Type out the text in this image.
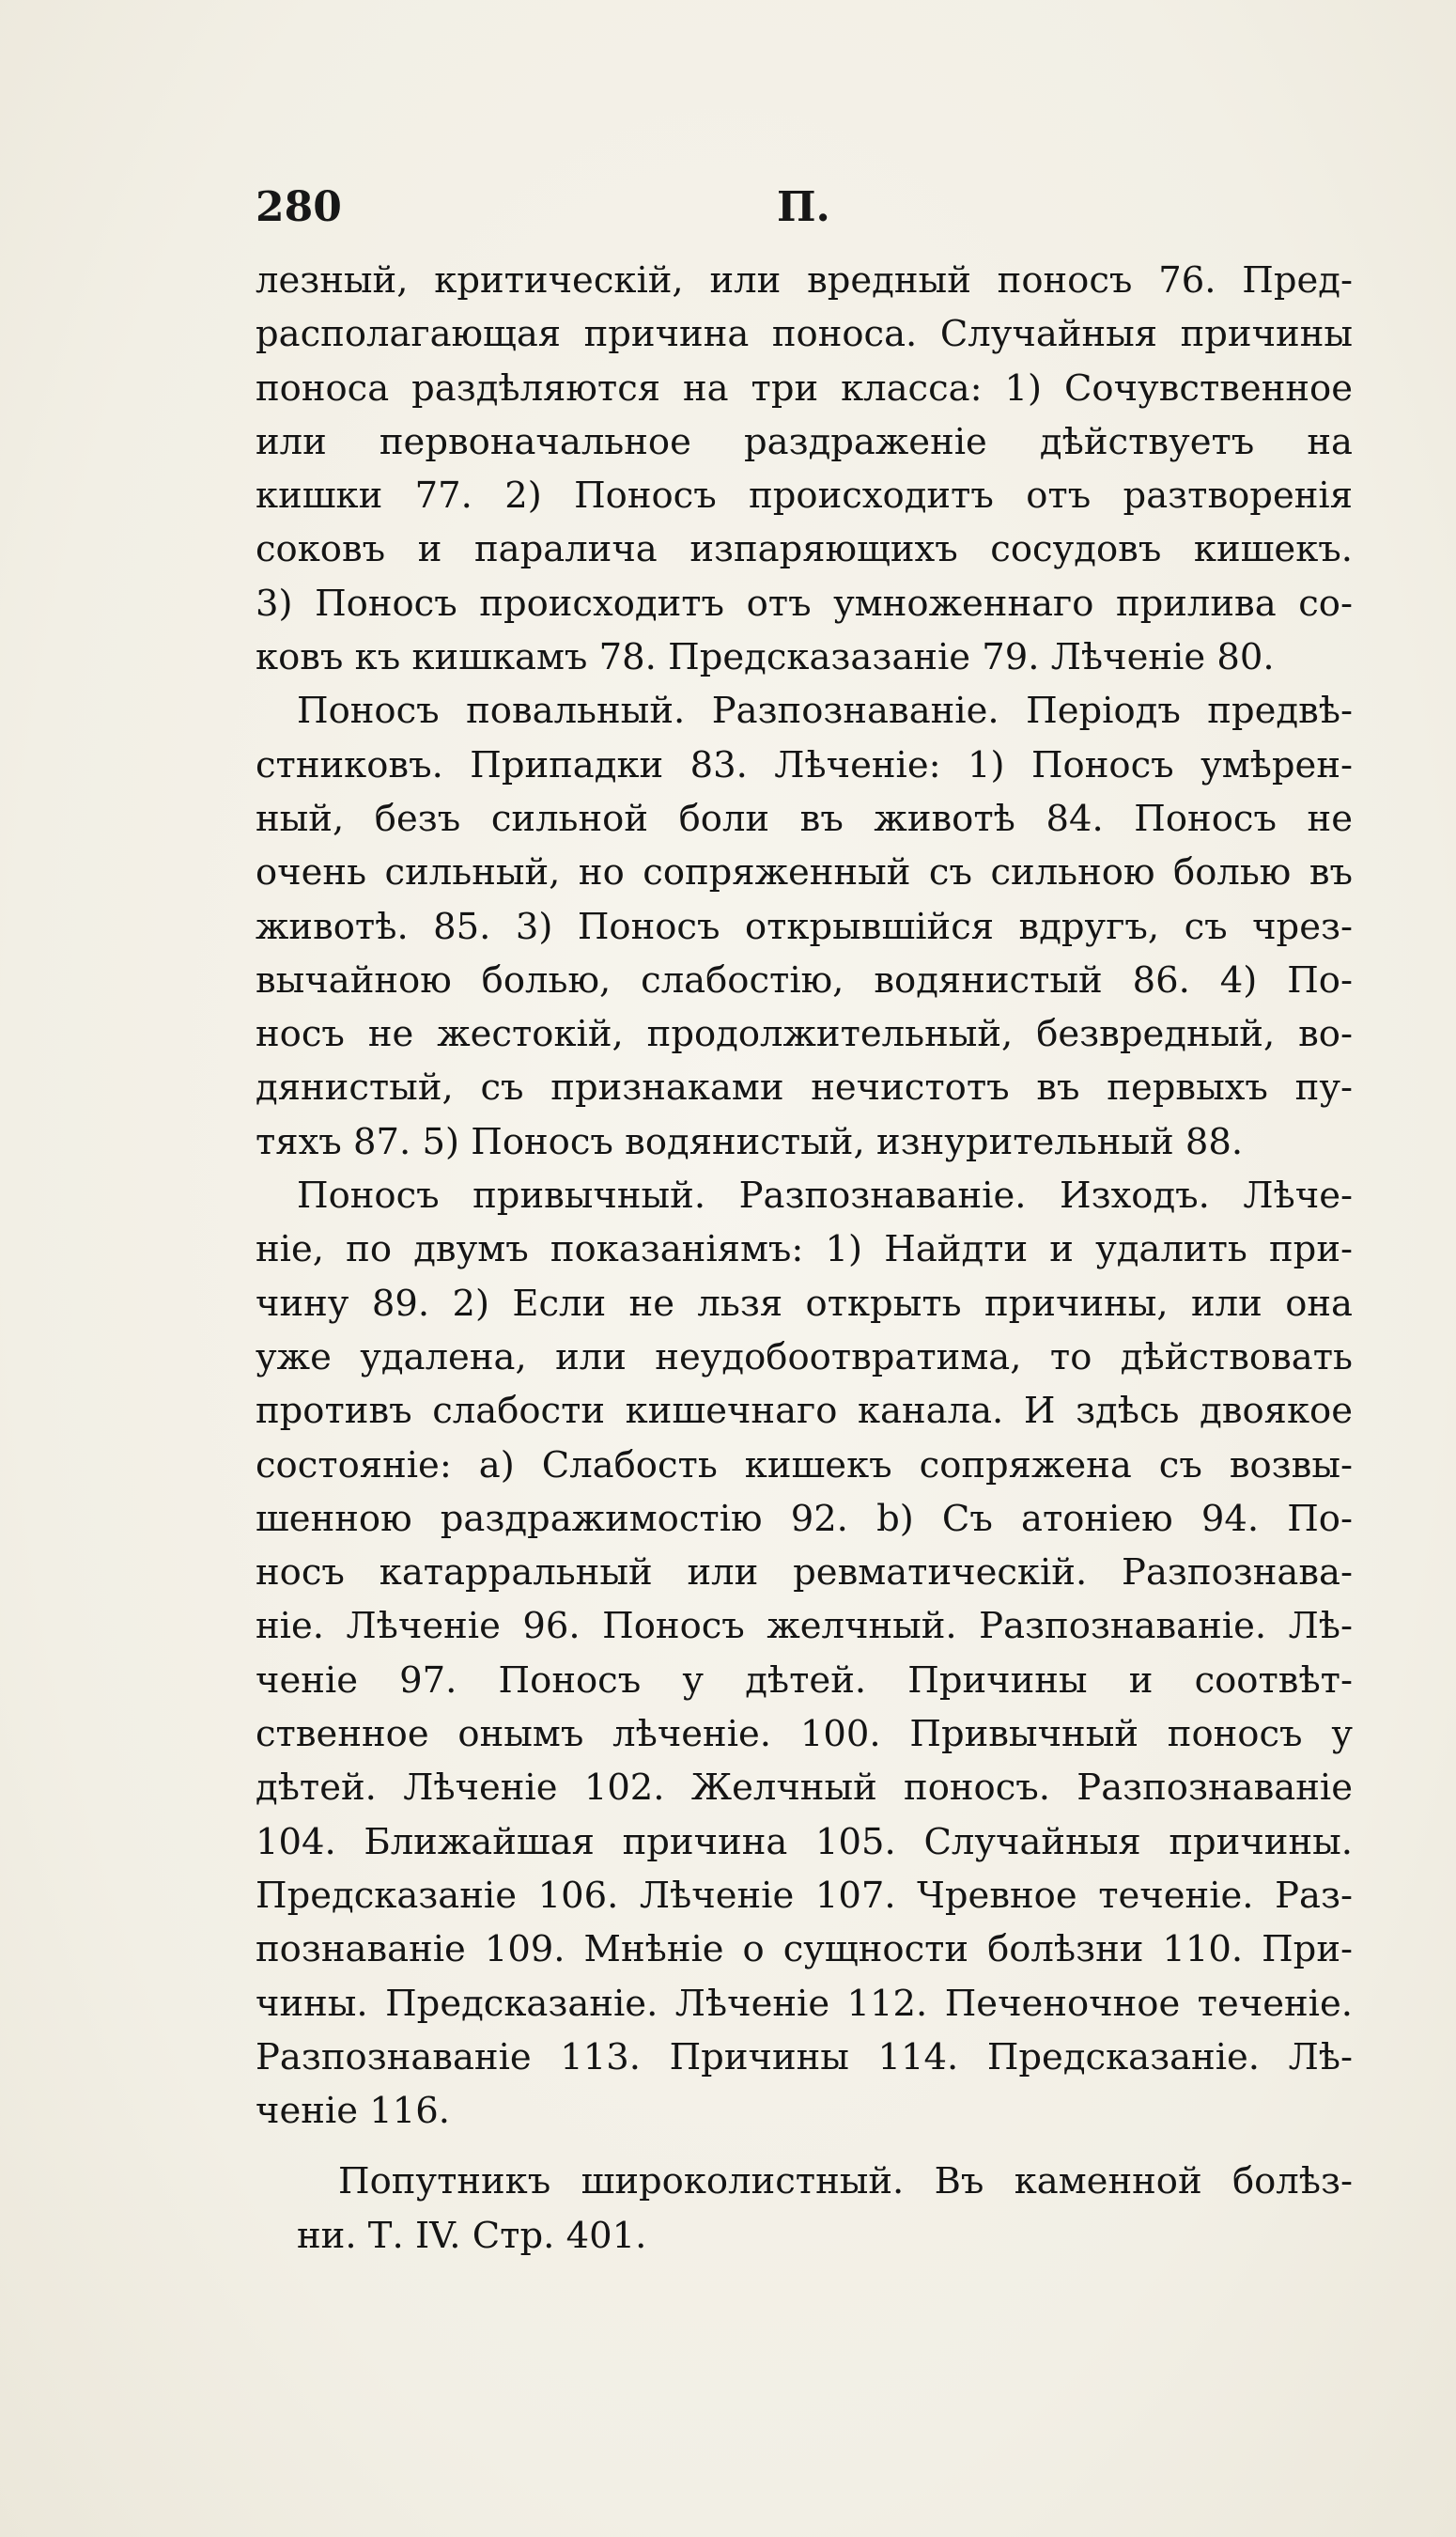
280	П.
лезный, критическій, или вредный поносъ 76. Пред-
располагающая причина поноса. Случайныя причины
поноса раздѣляются на три класса: 1) Сочувственное
или первоначальное раздраженіе дѣйствуетъ на
кишки 77. 2) Поносъ происходитъ отъ разтворенія
соковъ и паралича изпаряющихъ сосудовъ кишекъ.
3) Поносъ происходитъ отъ умноженнаго прилива со-
ковъ къ кишкамъ 78. Предсказазаніе 79. Лѣченіе 80.
Поносъ повальный. Разпознаваніе. Періодъ предвѣ-
стниковъ. Припадки 83. Лѣченіе: 1) Поносъ умѣрен-
ный, безъ сильной боли въ животѣ 84. Поносъ не
очень сильный, но сопряженный съ сильною болью въ
животѣ. 85. 3) Поносъ открывшійся вдругъ, съ чрез-
вычайною болью, слабостію, водянистый 86. 4) По-
носъ не жестокій, продолжительный, безвредный, во-
дянистый, съ признаками нечистотъ въ первыхъ пу-
тяхъ 87. 5) Поносъ водянистый, изнурительный 88.
Поносъ привычный. Разпознаваніе. Изходъ. Лѣче-
ніе, по двумъ показаніямъ: 1) Найдти и удалить при-
чину 89. 2) Если не льзя открыть причины, или она
уже удалена, или неудобоотвратима, то дѣйствовать
противъ слабости кишечнаго канала. И здѣсь двоякое
состояніе: а) Слабость кишекъ сопряжена съ возвы-
шенною раздражимостію 92. b) Съ атоніею 94. По-
носъ катарральный или ревматическій. Разпознава-
ніе. Лѣченіе 96. Поносъ желчный. Разпознаваніе. Лѣ-
ченіе 97. Поносъ у дѣтей. Причины и соотвѣт-
ственное онымъ лѣченіе. 100. Привычный поносъ у
дѣтей. Лѣченіе 102. Желчный поносъ. Разпознаваніе
104. Ближайшая причина 105. Случайныя причины.
Предсказаніе 106. Лѣченіе 107. Чревное теченіе. Раз-
познаваніе 109. Мнѣніе о сущности болѣзни 110. При-
чины. Предсказаніе. Лѣченіе 112. Печеночное теченіе.
Разпознаваніе 113. Причины 114. Предсказаніе. Лѣ-
ченіе 116.
Попутникъ широколистный. Въ каменной болѣз-
ни. Т. IV. Стр. 401.
